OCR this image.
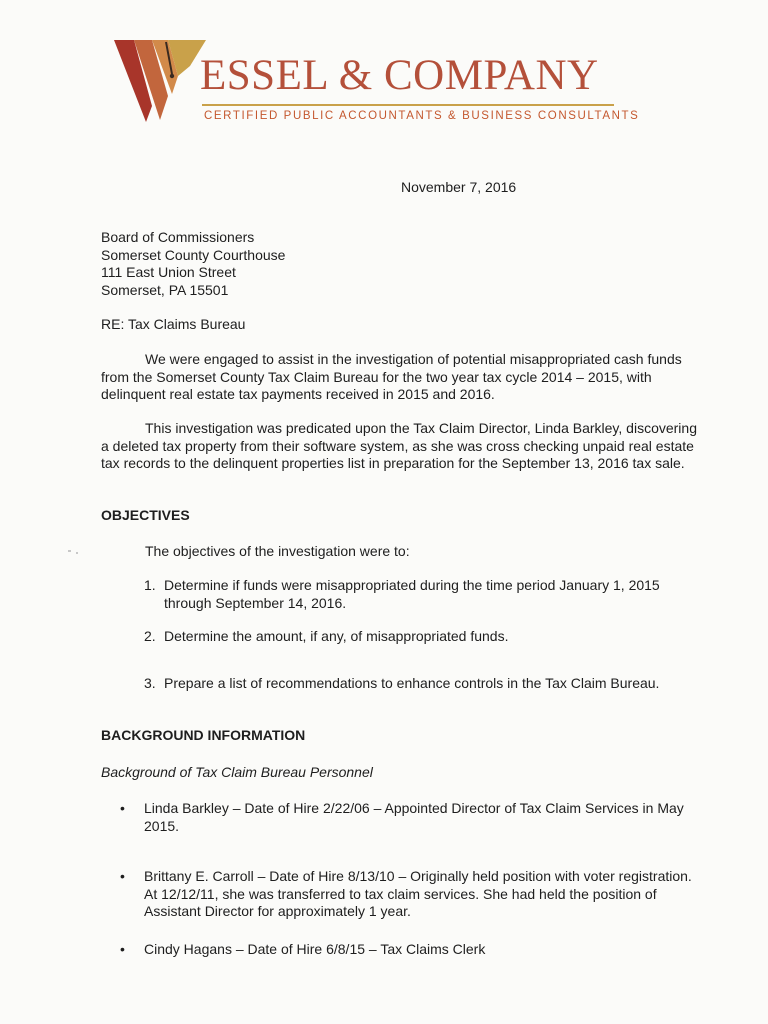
ESSEL & COMPANY
CERTIFIED PUBLIC ACCOUNTANTS & BUSINESS CONSULTANTS
November 7, 2016
Board of Commissioners
Somerset County Courthouse
111 East Union Street
Somerset, PA 15501
RE: Tax Claims Bureau
We were engaged to assist in the investigation of potential misappropriated cash funds from the Somerset County Tax Claim Bureau for the two year tax cycle 2014 – 2015, with delinquent real estate tax payments received in 2015 and 2016.
This investigation was predicated upon the Tax Claim Director, Linda Barkley, discovering a deleted tax property from their software system, as she was cross checking unpaid real estate tax records to the delinquent properties list in preparation for the September 13, 2016 tax sale.
OBJECTIVES
The objectives of the investigation were to:
1. Determine if funds were misappropriated during the time period January 1, 2015 through September 14, 2016.
2. Determine the amount, if any, of misappropriated funds.
3. Prepare a list of recommendations to enhance controls in the Tax Claim Bureau.
BACKGROUND INFORMATION
Background of Tax Claim Bureau Personnel
• Linda Barkley – Date of Hire 2/22/06 – Appointed Director of Tax Claim Services in May 2015.
• Brittany E. Carroll – Date of Hire 8/13/10 – Originally held position with voter registration. At 12/12/11, she was transferred to tax claim services. She had held the position of Assistant Director for approximately 1 year.
• Cindy Hagans – Date of Hire 6/8/15 – Tax Claims Clerk
